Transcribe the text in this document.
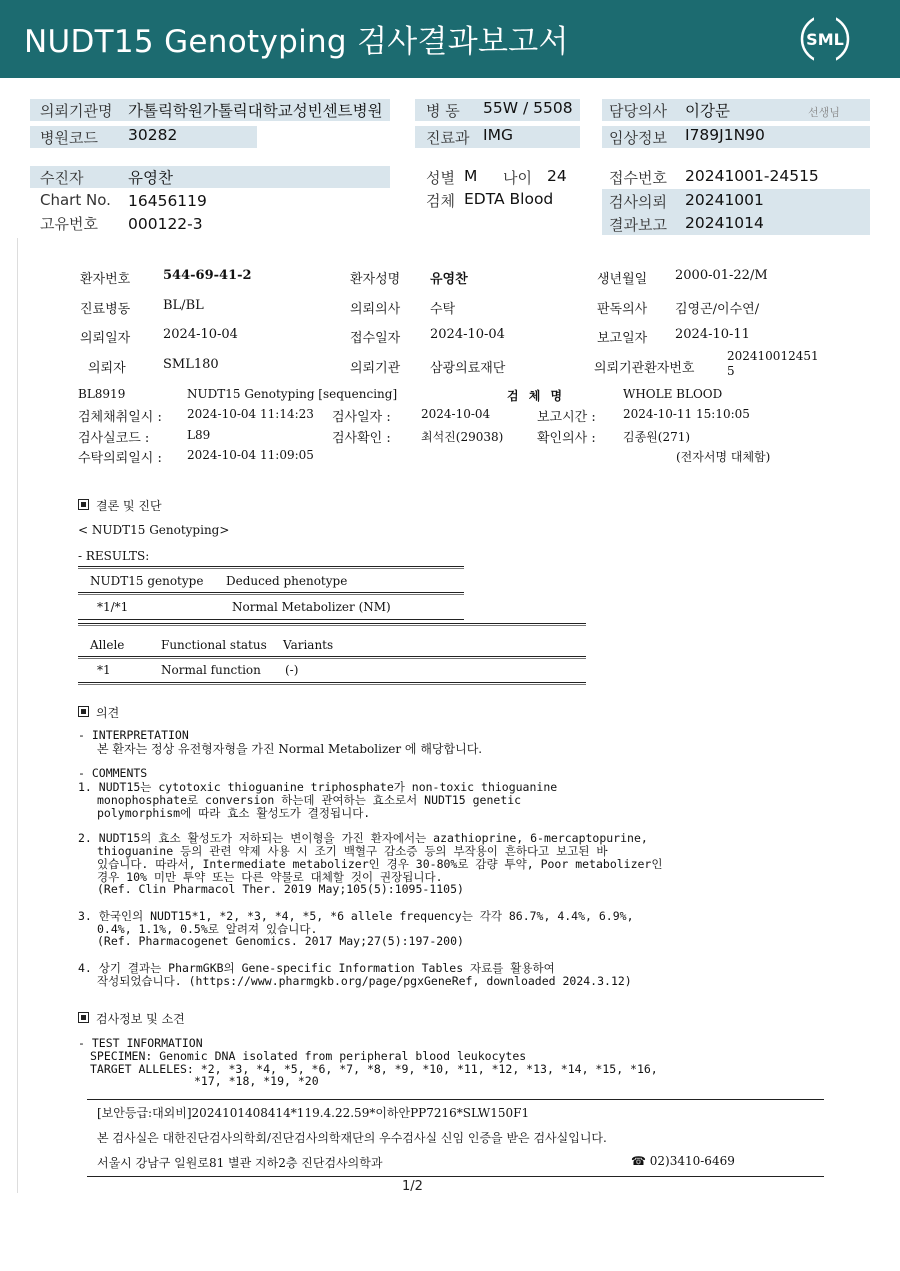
NUDT15 Genotyping 검사결과보고서	SML
의뢰기관명 가톨릭학원가톨릭대학교성빈센트병원
병원코드 30282
병 동 55W / 5508
진료과 IMG
담당의사 이강문	선생님
임상정보 I789J1N90
수진자	유영찬
Chart No. 16456119
고유번호 000122-3
성별 M 나이 24
검체 EDTA Blood
접수번호 20241001-24515
검사의뢰 20241001
결과보고 20241014
환자번호	544-69-41-2	환자성명 유영찬	생년월일 2000-01-22/M
진료병동	BL/BL	의뢰의사 수탁	판독의사 김영곤/이수연/
의뢰일자	2024-10-04	접수일자 2024-10-04	보고일자 2024-10-11
의뢰자	SML180	의뢰기관 삼광의료재단	의뢰기관환자번호
202410012451
5
BL8919	NUDT15 Genotyping [sequencing]	검 체 명	WHOLE BLOOD
검체채취일시 : 2024-10-04 11:14:23 검사일자 :	2024-10-04	보고시간 : 2024-10-11 15:10:05
검사실코드 :	L89	검사확인 :	최석진(29038)	확인의사 : 김종원(271)
수탁의뢰일시 : 2024-10-04 11:09:05	(전자서명 대체함)
결론 및 진단
< NUDT15 Genotyping>
- RESULTS:
NUDT15 genotype Deduced phenotype
*1/*1	Normal Metabolizer (NM)
Allele	Functional status Variants
*1	Normal function (-)
의견
- INTERPRETATION
본 환자는 정상 유전형자형을 가진 Normal Metabolizer 에 해당합니다.
- COMMENTS
1. NUDT15는 cytotoxic thioguanine triphosphate가 non-toxic thioguanine
monophosphate로 conversion 하는데 관여하는 효소로서 NUDT15 genetic
polymorphism에 따라 효소 활성도가 결정됩니다.
2. NUDT15의 효소 활성도가 저하되는 변이형을 가진 환자에서는 azathioprine, 6-mercaptopurine,
thioguanine 등의 관련 약제 사용 시 조기 백혈구 감소증 등의 부작용이 흔하다고 보고된 바
있습니다. 따라서, Intermediate metabolizer인 경우 30-80%로 감량 투약, Poor metabolizer인
경우 10% 미만 투약 또는 다른 약물로 대체할 것이 권장됩니다.
(Ref. Clin Pharmacol Ther. 2019 May;105(5):1095-1105)
3. 한국인의 NUDT15*1, *2, *3, *4, *5, *6 allele frequency는 각각 86.7%, 4.4%, 6.9%,
0.4%, 1.1%, 0.5%로 알려져 있습니다.
(Ref. Pharmacogenet Genomics. 2017 May;27(5):197-200)
4. 상기 결과는 PharmGKB의 Gene-specific Information Tables 자료를 활용하여
작성되었습니다. (https://www.pharmgkb.org/page/pgxGeneRef, downloaded 2024.3.12)
검사정보 및 소견
- TEST INFORMATION
SPECIMEN: Genomic DNA isolated from peripheral blood leukocytes
TARGET ALLELES: *2, *3, *4, *5, *6, *7, *8, *9, *10, *11, *12, *13, *14, *15, *16,
*17, *18, *19, *20
[보안등급:대외비]2024101408414*119.4.22.59*이하안PP7216*SLW150F1
본 검사실은 대한진단검사의학회/진단검사의학재단의 우수검사실 신임 인증을 받은 검사실입니다.
서울시 강남구 일원로81 별관 지하2층 진단검사의학과	☎ 02)3410-6469
1/2
